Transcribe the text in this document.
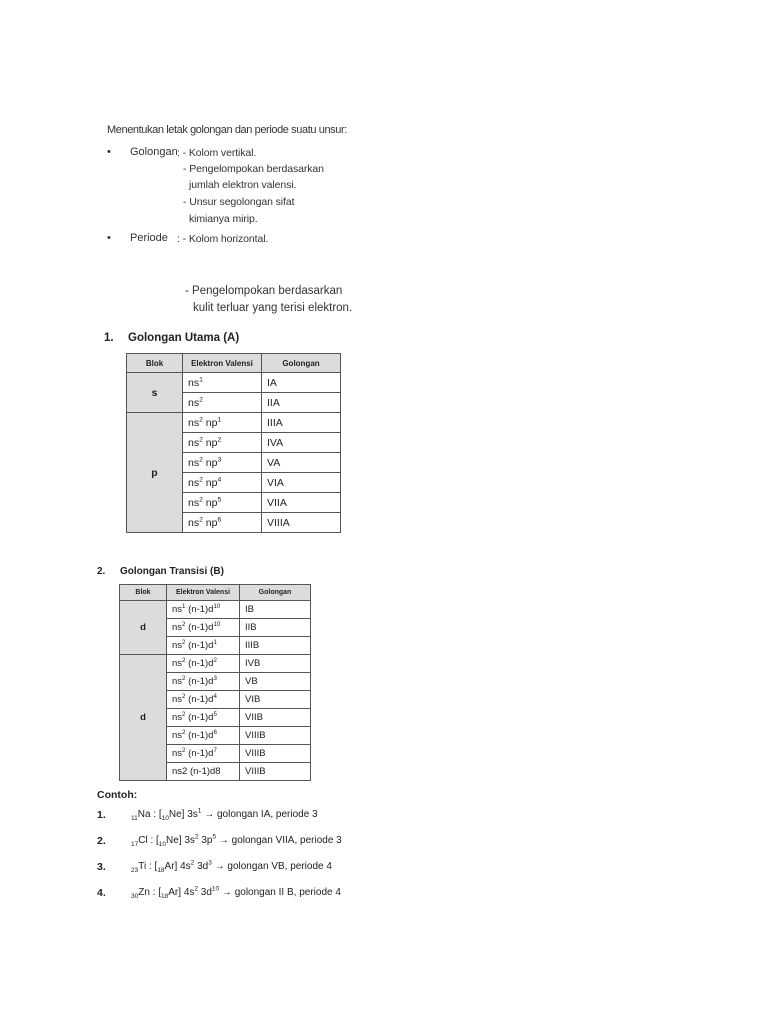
Menentukan letak golongan dan periode suatu unsur:
• Golongan : - Kolom vertikal.
- Pengelompokan berdasarkan
jumlah elektron valensi.
- Unsur segolongan sifat
kimianya mirip.
• Periode : - Kolom horizontal.
- Pengelompokan berdasarkan
kulit terluar yang terisi elektron.
1. Golongan Utama (A)
Blok	Elektron Valensi	Golongan
s	$ns^1$	IA
	$ns^2$	IIA
p	$ns^2$ $np^1$	IIIA
	$ns^2$ $np^2$	IVA
	$ns^2$ $np^3$	VA
	$ns^2$ $np^4$	VIA
	$ns^2$ $np^5$	VIIA
	$ns^2$ $np^6$	VIIIA
2. Golongan Transisi (B)
Blok	Elektron Valensi	Golongan
d	$ns^1$ $(n-1)d^{10}$	IB
	$ns^2$ $(n-1)d^{10}$	IIB
	$ns^2$ $(n-1)d^1$	IIIB
d	$ns^2$ $(n-1)d^2$	IVB
	$ns^2$ $(n-1)d^3$	VB
	$ns^2$ $(n-1)d^4$	VIB
	$ns^2$ $(n-1)d^5$	VIIB
	$ns^2$ $(n-1)d^6$	VIIIB
	$ns^2$ $(n-1)d^7$	VIIIB
	ns2 (n-1)d8	VIIIB
Contoh:
1.	$_{11}$Na : $[_{10}Ne] 3s^1$ → golongan IA, periode 3
2.	$_{17}$Cl : $[_{10}Ne]$ $3s^2$ $3p^5$ → golongan VIIA, periode 3
3.	$_{23}$Ti : $[_{18}Ar]$ $4s^2$ $3d^3$ → golongan VB, periode 4
4.	$_{30}$Zn : $[_{18}Ar]$ $4s^2$ $3d^{10}$ → golongan II B, periode 4
